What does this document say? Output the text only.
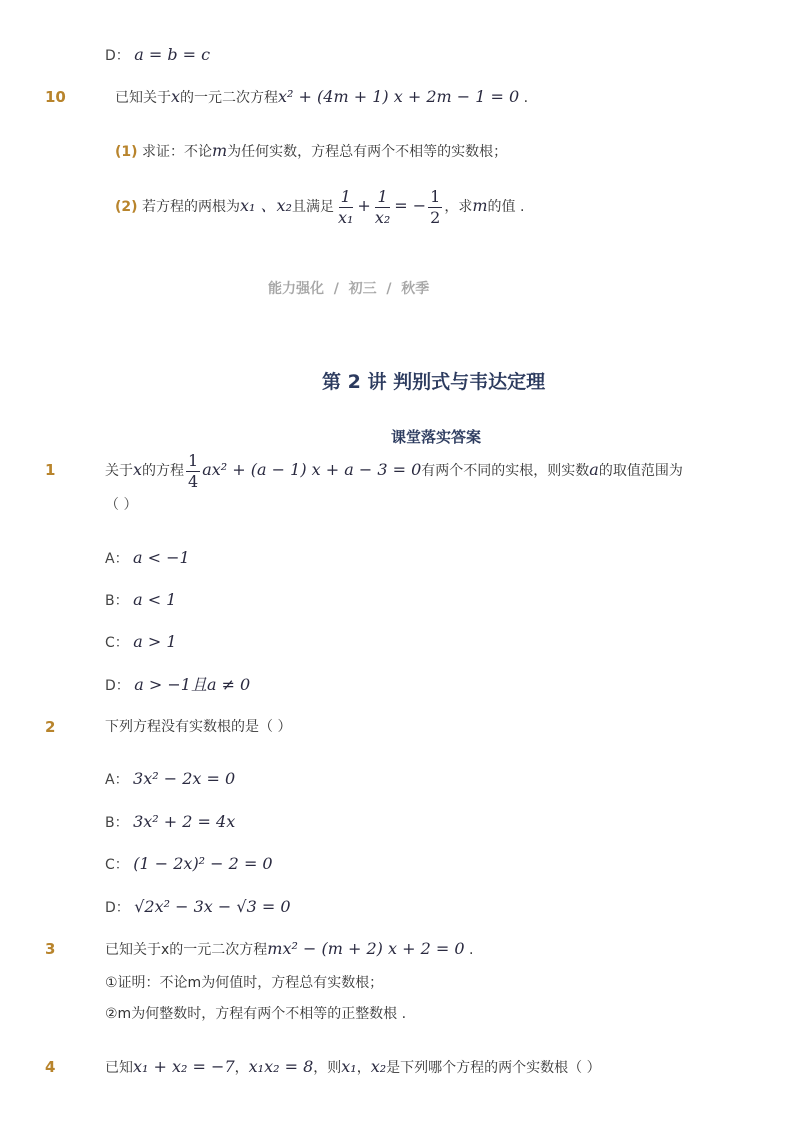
D： a = b = c
10	已知关于x的一元二次方程x² + (4m + 1) x + 2m − 1 = 0 .
(1) 求证：不论m为任何实数，方程总有两个不相等的实数根；
(2) 若方程的两根为x₁ 、x₂且满足 $\frac{1}{\text{x₁}} + \frac{1}{\text{x₂}}$ = − $\frac{1}{2}$ ，求m的值 .
能力强化 / 初三 / 秋季
第 2 讲 判别式与韦达定理
课堂落实答案
1	关于x的方程 $\frac{1}{4} ax^2 + (a - 1) x + a - 3 = 0$有两个不同的实根，则实数a的取值范围为
（ ）
A： a < −1
B： a < 1
C： a > 1
D： a > −1且a ≠ 0
2	下列方程没有实数根的是（ ）
A： 3x² − 2x = 0
B： 3x² + 2 = 4x
C： (1 − 2x)² − 2 = 0
D： √2x² − 3x − √3 = 0
3	已知关于x的一元二次方程mx² − (m + 2) x + 2 = 0 .
①证明：不论m为何值时，方程总有实数根；
②m为何整数时，方程有两个不相等的正整数根 .
4	已知x₁ + x₂ = −7，x₁x₂ = 8，则x₁，x₂是下列哪个方程的两个实数根（ ）
